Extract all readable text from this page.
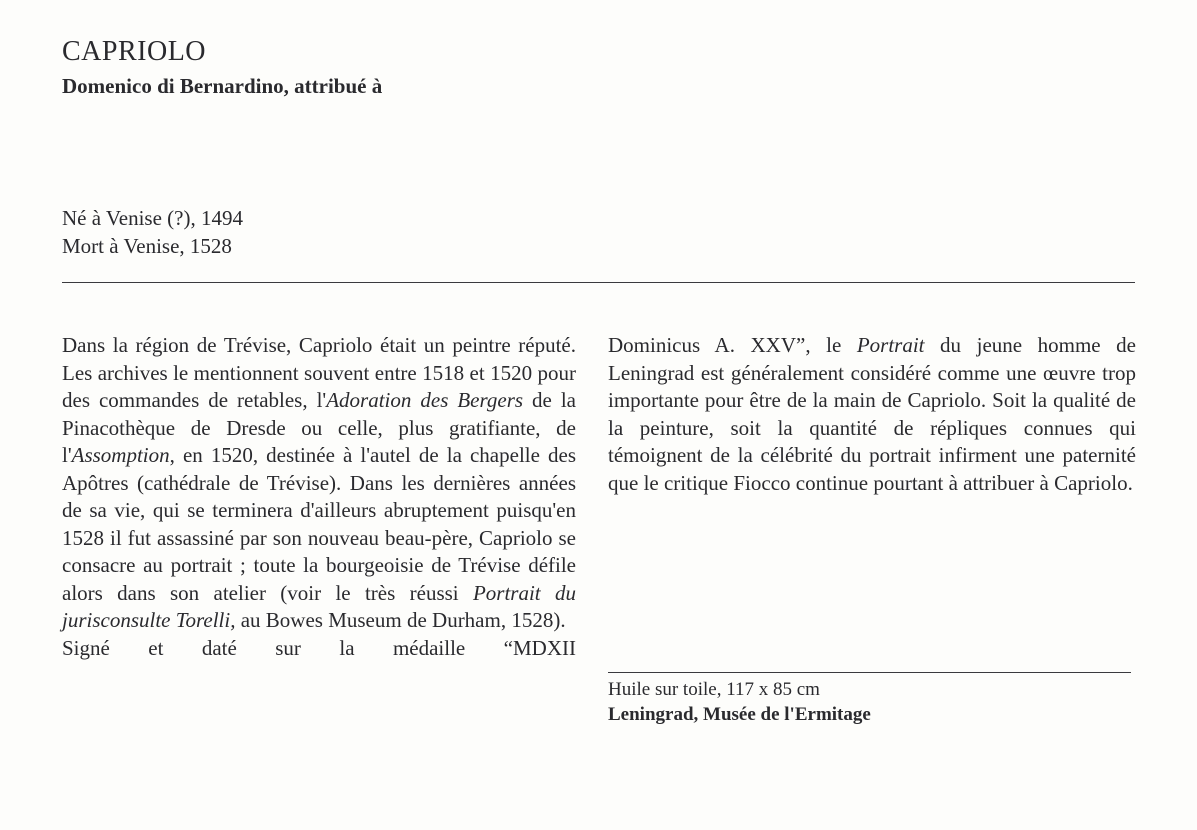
CAPRIOLO
Domenico di Bernardino, attribué à
Né à Venise (?), 1494
Mort à Venise, 1528

Dans la région de Trévise, Capriolo était un peintre réputé. Les archives le mentionnent souvent entre 1518 et 1520 pour des commandes de retables, l'Adoration des Bergers de la Pinacothèque de Dresde ou celle, plus gratifiante, de l'Assomption, en 1520, destinée à l'autel de la chapelle des Apôtres (cathédrale de Trévise). Dans les dernières années de sa vie, qui se terminera d'ailleurs abruptement puisqu'en 1528 il fut assassiné par son nouveau beau-père, Capriolo se consacre au portrait ; toute la bourgeoisie de Trévise défile alors dans son atelier (voir le très réussi Portrait du jurisconsulte Torelli, au Bowes Museum de Durham, 1528).

Signé et daté sur la médaille “MDXII

Dominicus A. XXV”, le Portrait du jeune homme de Leningrad est généralement considéré comme une œuvre trop importante pour être de la main de Capriolo. Soit la qualité de la peinture, soit la quantité de répliques connues qui témoignent de la célébrité du portrait infirment une paternité que le critique Fiocco continue pourtant à attribuer à Capriolo.

Huile sur toile, 117 x 85 cm
Leningrad, Musée de l'Ermitage
